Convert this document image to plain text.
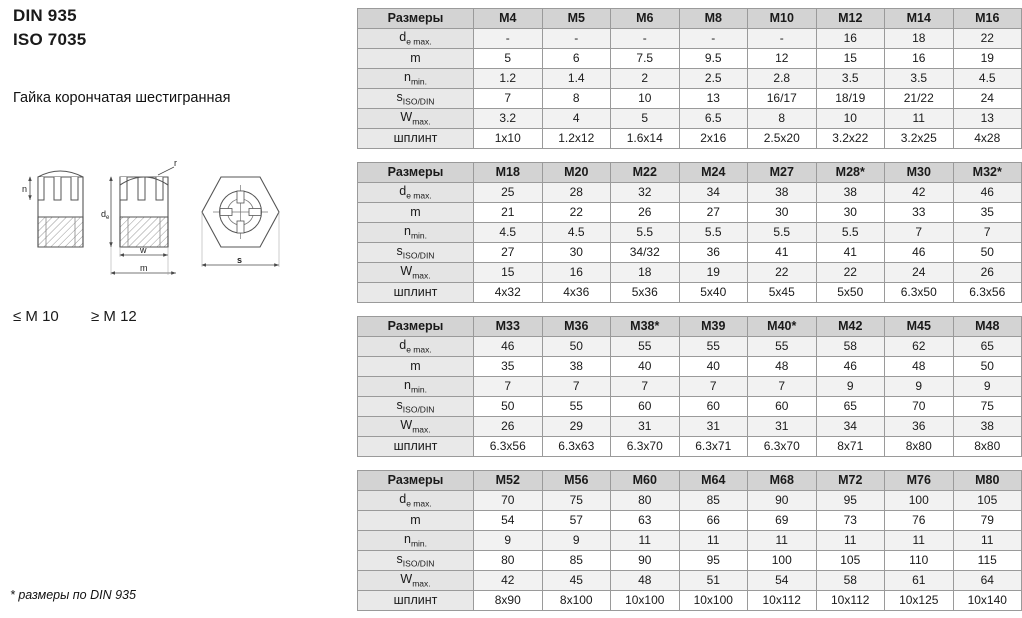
DIN 935
ISO 7035
Гайка корончатая шестигранная
n
r
$d_e$
w
m
s
≤ M 10 ≥ M 12
* размеры по DIN 935
Размеры	M4	M5	M6	M8	M10	M12	M14	M16
$d_{e max.}$	-	-	-	-	-	16	18	22
m	5	6	7.5	9.5	12	15	16	19
$n_{min.}$	1.2	1.4	2	2.5	2.8	3.5	3.5	4.5
$s_{ISO/DIN}$	7	8	10	13	16/17	18/19	21/22	24
$W_{max.}$	3.2	4	5	6.5	8	10	11	13
шплинт	1x10	1.2x12	1.6x14	2x16	2.5x20	3.2x22	3.2x25	4x28
Размеры	M18	M20	M22	M24	M27	M28*	M30	M32*
$d_{e max.}$	25	28	32	34	38	38	42	46
m	21	22	26	27	30	30	33	35
$n_{min.}$	4.5	4.5	5.5	5.5	5.5	5.5	7	7
$s_{ISO/DIN}$	27	30	34/32	36	41	41	46	50
$W_{max.}$	15	16	18	19	22	22	24	26
шплинт	4x32	4x36	5x36	5x40	5x45	5x50	6.3x50	6.3x56
Размеры	M33	M36	M38*	M39	M40*	M42	M45	M48
$d_{e max.}$	46	50	55	55	55	58	62	65
m	35	38	40	40	48	46	48	50
$n_{min.}$	7	7	7	7	7	9	9	9
$s_{ISO/DIN}$	50	55	60	60	60	65	70	75
$W_{max.}$	26	29	31	31	31	34	36	38
шплинт	6.3x56	6.3x63	6.3x70	6.3x71	6.3x70	8x71	8x80	8x80
Размеры	M52	M56	M60	M64	M68	M72	M76	M80
$d_{e max.}$	70	75	80	85	90	95	100	105
m	54	57	63	66	69	73	76	79
$n_{min.}$	9	9	11	11	11	11	11	11
$s_{ISO/DIN}$	80	85	90	95	100	105	110	115
$W_{max.}$	42	45	48	51	54	58	61	64
шплинт	8x90	8x100	10x100	10x100	10x112	10x112	10x125	10x140
